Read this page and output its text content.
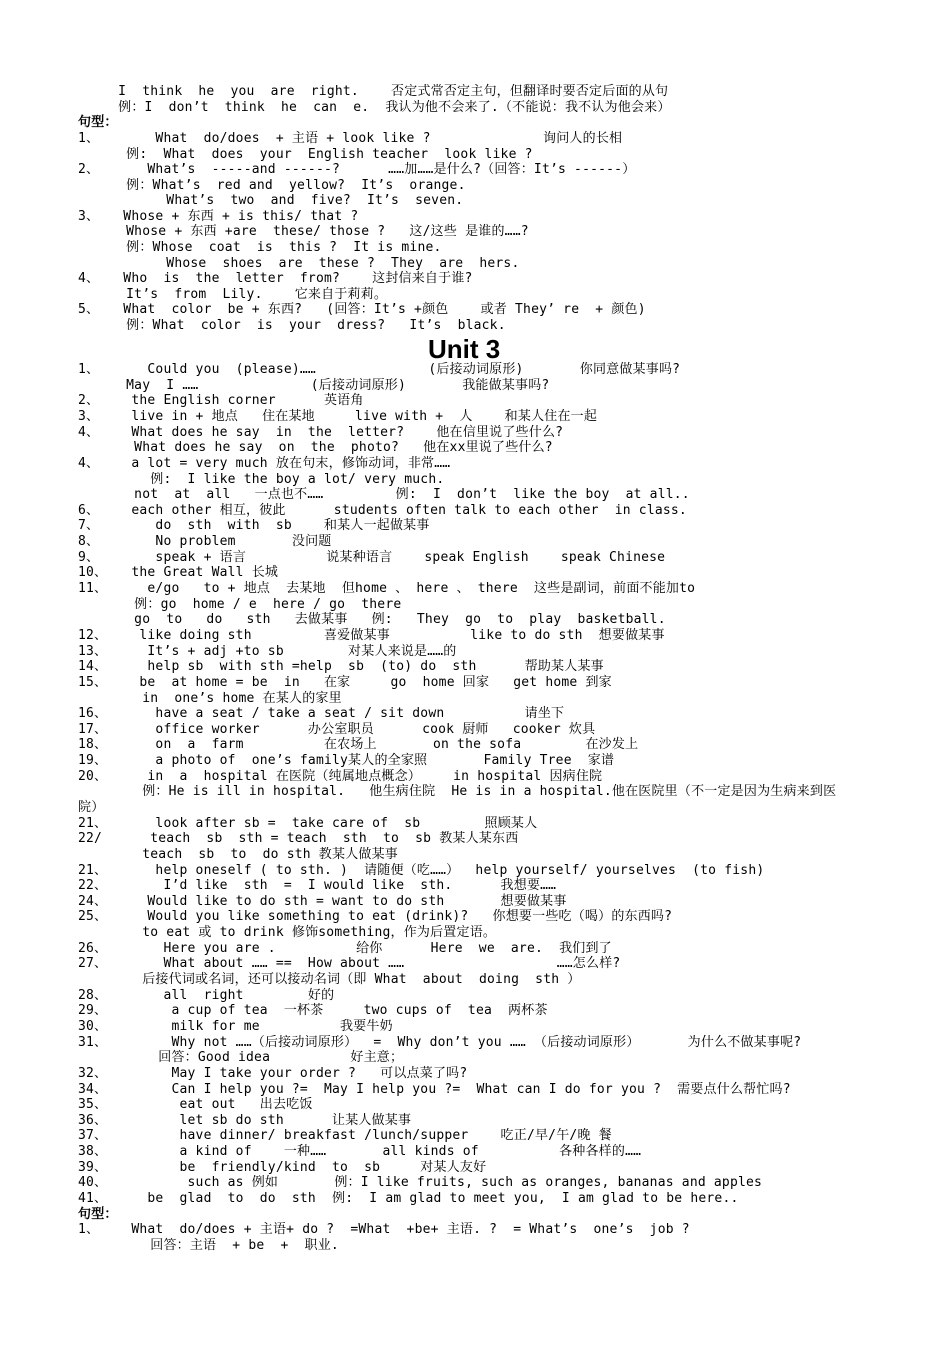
I  think  he  you  are  right.    否定式常否定主句，但翻译时要否定后面的从句
例：I  don’t  think  he  can  e.  我认为他不会来了.（不能说：我不认为他会来）
句型：
1、       What  do/does  + 主语 + look like ?              询问人的长相
例:  What  does  your  English teacher  look like ?
2、      What’s  -----and ------?      ……加……是什么?（回答：It’s ------）
例：What’s  red and  yellow?  It’s  orange.
What’s  two  and  five?  It’s  seven.
3、   Whose + 东西 + is this/ that ?
Whose + 东西 +are  these/ those ?   这/这些 是谁的……?
例：Whose  coat  is  this ?  It is mine.
Whose  shoes  are  these ?  They  are  hers.
4、   Who  is  the  letter  from?    这封信来自于谁?
It’s  from  Lily.    它来自于莉莉。
5、   What  color  be + 东西?   (回答：It’s +颜色    或者 They’ re  + 颜色)
例：What  color  is  your  dress?   It’s  black.
Unit 3
1、      Could you  (please)……              (后接动词原形)       你同意做某事吗?
May  I ……              (后接动词原形)       我能做某事吗?
2、    the English corner      英语角
3、    live in + 地点   住在某地     live with +  人    和某人住在一起
4、    What does he say  in  the  letter?    他在信里说了些什么?
What does he say  on  the  photo?   他在xx里说了些什么?
4、    a lot = very much 放在句末，修饰动词，非常……
例:  I like the boy a lot/ very much.
not  at  all   一点也不……         例:  I  don’t  like the boy  at all..
6、    each other 相互，彼此      students often talk to each other  in class.
7、       do  sth  with  sb    和某人一起做某事
8、       No problem       没问题
9、       speak + 语言          说某种语言    speak English    speak Chinese
10、   the Great Wall 长城
11、     e/go   to + 地点  去某地  但home 、 here 、 there  这些是副词，前面不能加to
例：go  home / e  here / go  there
go  to   do   sth   去做某事   例:   They  go  to  play  basketball.
12、    like doing sth         喜爱做某事          like to do sth  想要做某事
13、     It’s + adj +to sb        对某人来说是……的
14、     help sb  with sth =help  sb  (to) do  sth      帮助某人某事
15、    be  at home = be  in   在家     go  home 回家   get home 到家
in  one’s home 在某人的家里
16、      have a seat / take a seat / sit down          请坐下
17、      office worker      办公室职员      cook 厨师   cooker 炊具
18、      on  a  farm          在农场上       on the sofa        在沙发上
19、      a photo of  one’s family某人的全家照       Family Tree  家谱
20、     in  a  hospital 在医院（纯属地点概念）    in hospital 因病住院
例：He is ill in hospital.   他生病住院  He is in a hospital.他在医院里（不一定是因为生病来到医
院）
21、      look after sb =  take care of  sb        照顾某人
22/      teach  sb  sth = teach  sth  to  sb 教某人某东西
teach  sb  to  do sth 教某人做某事
21、      help oneself ( to sth. )  请随便（吃……）  help yourself/ yourselves  (to fish)
22、       I’d like  sth  =  I would like  sth.      我想要……
24、     Would like to do sth = want to do sth       想要做某事
25、     Would you like something to eat (drink)?   你想要一些吃（喝）的东西吗?
to eat 或 to drink 修饰something，作为后置定语。
26、       Here you are .          给你      Here  we  are.  我们到了
27、       What about …… ==  How about ……                   ……怎么样?
后接代词或名词，还可以接动名词（即 What  about  doing  sth ）
28、       all  right        好的
29、        a cup of tea  一杯茶     two cups of  tea  两杯茶
30、        milk for me          我要牛奶
31、        Why not ……（后接动词原形）  =  Why don’t you …… （后接动词原形）      为什么不做某事呢?
回答：Good idea          好主意；
32、        May I take your order ?   可以点菜了吗?
34、        Can I help you ?=  May I help you ?=  What can I do for you ?  需要点什么帮忙吗?
35、         eat out   出去吃饭
36、         let sb do sth      让某人做某事
37、         have dinner/ breakfast /lunch/supper    吃正/早/午/晚 餐
38、         a kind of    一种……       all kinds of          各种各样的……
39、         be  friendly/kind  to  sb     对某人友好
40、          such as 例如       例：I like fruits, such as oranges, bananas and apples
41、     be  glad  to  do  sth  例:  I am glad to meet you,  I am glad to be here..
句型：
1、    What  do/does + 主语+ do ?  =What  +be+ 主语. ?  = What’s  one’s  job ?
回答：主语  + be  +  职业.
